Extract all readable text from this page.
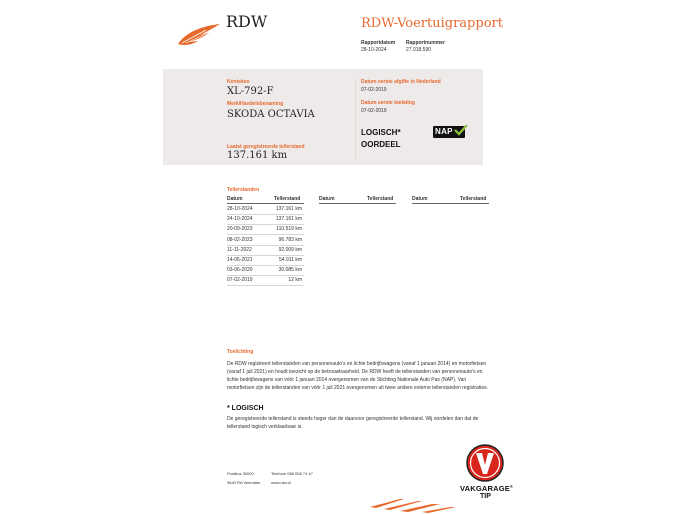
RDW	RDW-Voertuigrapport
Rapportdatum
28-10-2024
Rapportnummer
27.018.590
Kenteken
XL-792-F
Merk/Handelsbenaming
SKODA OCTAVIA
Laatst geregistreerde tellerstand
137.161 km
Datum eerste afgifte in Nederland
07-02-2019
Datum eerste toelating
07-02-2019
LOGISCH*
OORDEEL
NAP
Tellerstanden
Datum	Tellerstand	Datum	Tellerstand	Datum	Tellerstand
28-10-2024	137.161 km
24-10-2024	137.161 km
20-09-2023	110.519 km
08-02-2023	96.783 km
11-11-2022	92.009 km
14-06-2021	54.911 km
03-06-2020	30.085 km
07-02-2019	12 km
Toelichting
De RDW registreert tellerstanden van personenauto's en lichte bedrijfswagens (vanaf 1 januari 2014) en motorfietsen (vanaf 1 juli 2021) en houdt toezicht op de betrouwbaarheid. De RDW heeft de tellerstanden van personenauto's en lichte bedrijfswagens van vóór 1 januari 2014 overgenomen van de Stichting Nationale Auto Pas (NAP). Van motorfietsen zijn de tellerstanden van vóór 1 juli 2021 overgenomen uit twee andere externe tellerstanden registraties.
* LOGISCH
De geregistreerde tellerstand is steeds hoger dan de daarvoor geregistreerde tellerstand. Wij oordelen dan dat de tellerstand logisch verklaarbaar is.
Postbus 30000
9640 RA Veendam
Telefoon 088 008 74 47
www.rdw.nl
VAKGARAGE®
TIP
